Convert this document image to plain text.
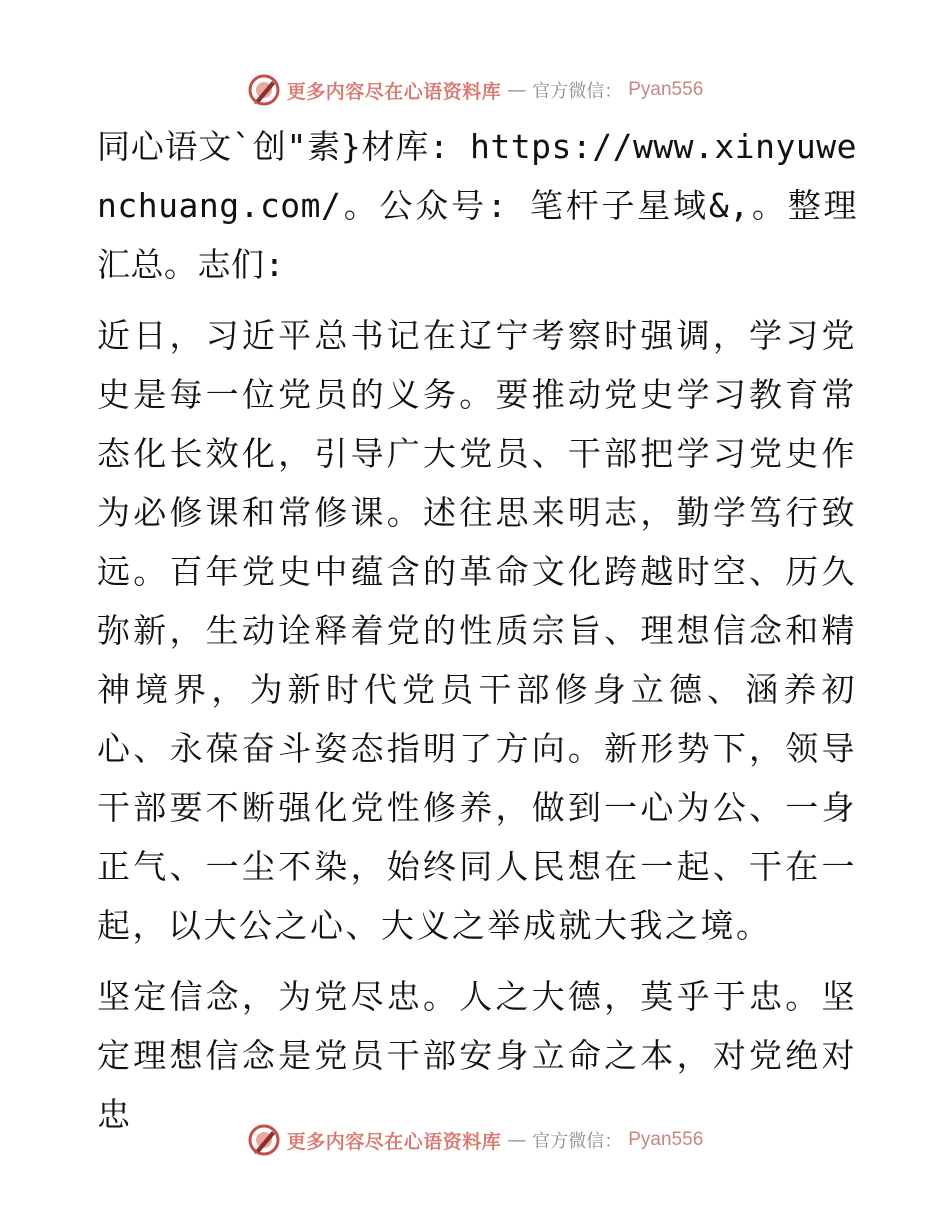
更多内容尽在心语资料库 — 官方微信： Pyan556

同心语文`创"素}材库: https://www.xinyuwenchuang.com/。公众号: 笔杆子星域&,。整理汇总。志们:

近日，习近平总书记在辽宁考察时强调，学习党史是每一位党员的义务。要推动党史学习教育常态化长效化，引导广大党员、干部把学习党史作为必修课和常修课。述往思来明志，勤学笃行致远。百年党史中蕴含的革命文化跨越时空、历久弥新，生动诠释着党的性质宗旨、理想信念和精神境界，为新时代党员干部修身立德、涵养初心、永葆奋斗姿态指明了方向。新形势下，领导干部要不断强化党性修养，做到一心为公、一身正气、一尘不染，始终同人民想在一起、干在一起，以大公之心、大义之举成就大我之境。

坚定信念，为党尽忠。人之大德，莫乎于忠。坚定理想信念是党员干部安身立命之本，对党绝对忠

更多内容尽在心语资料库 — 官方微信： Pyan556
